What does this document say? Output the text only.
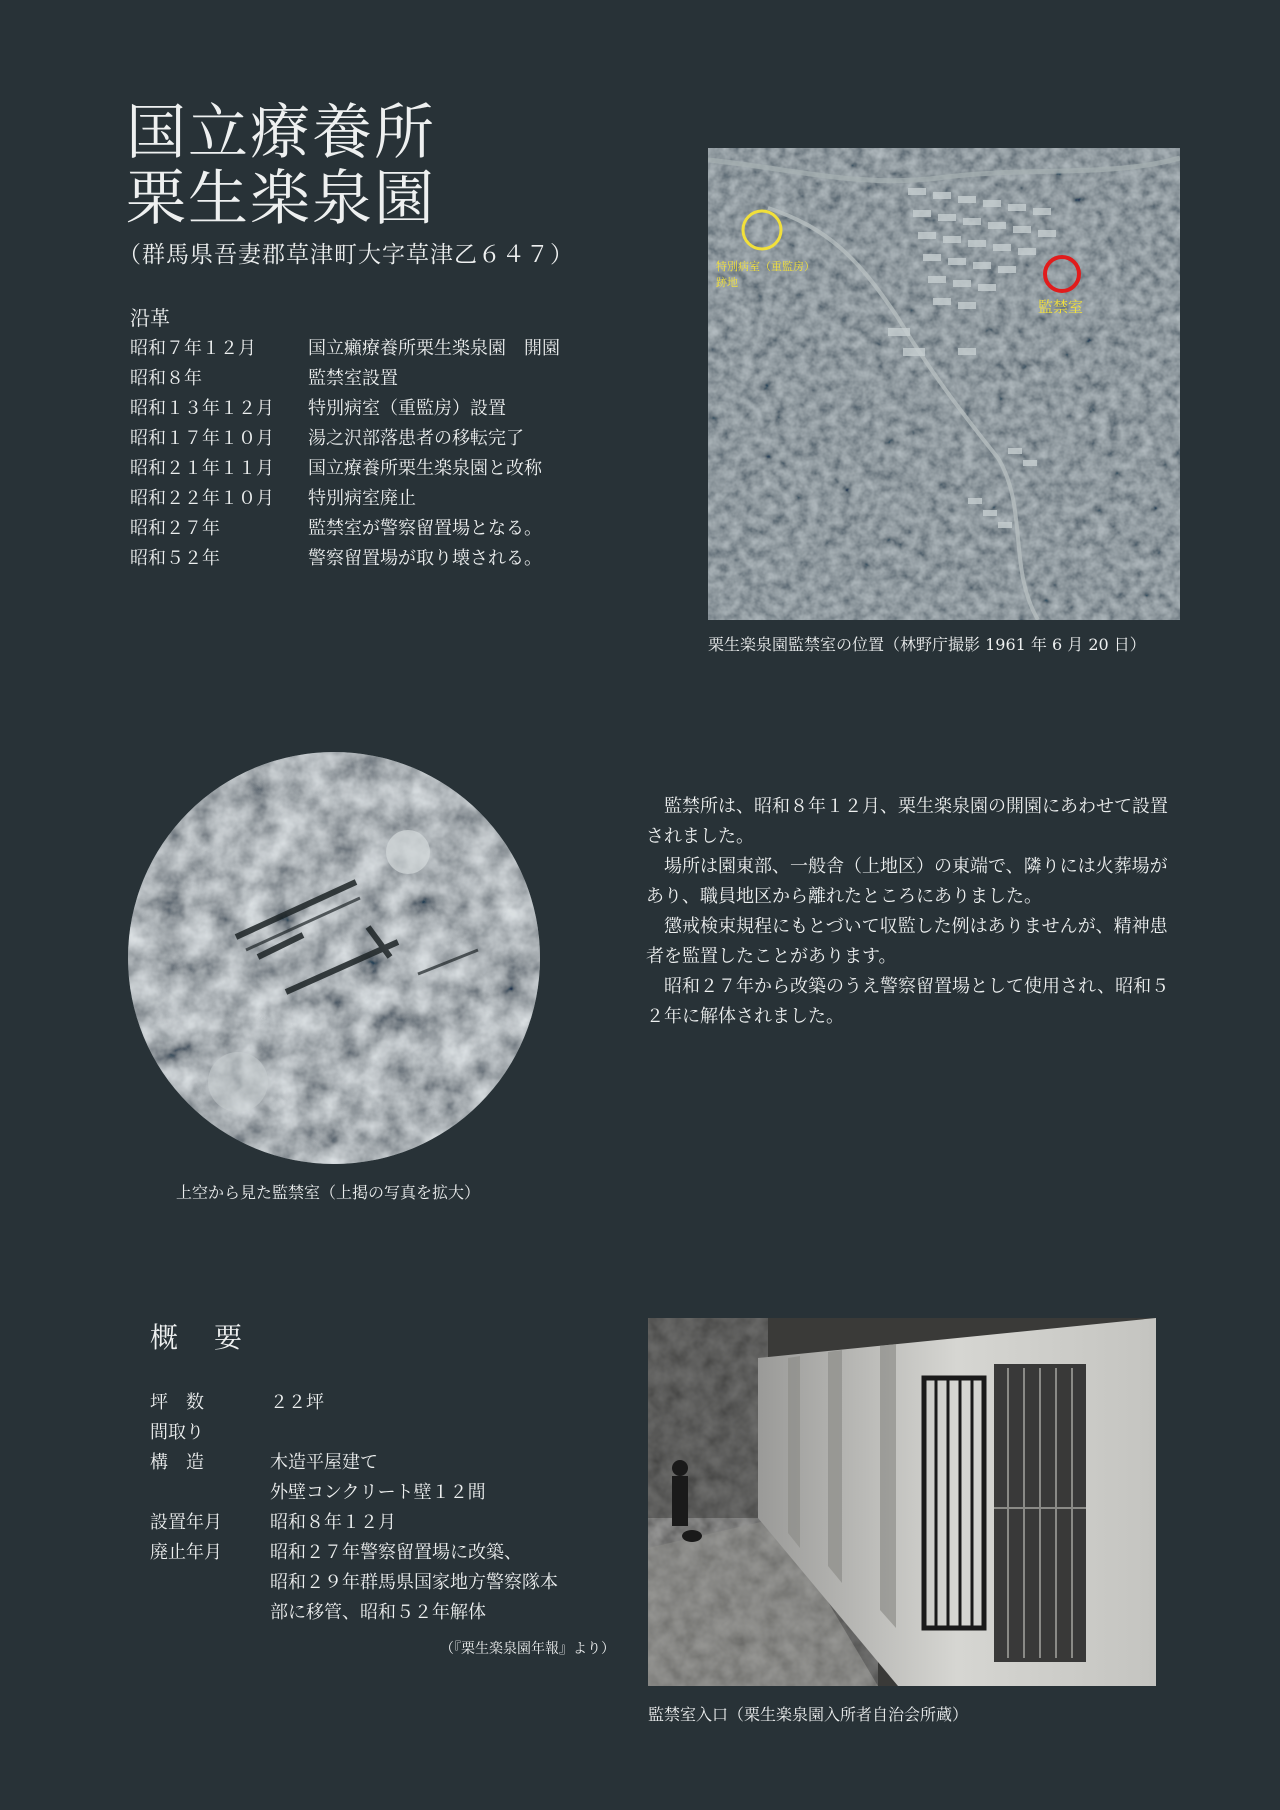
国立療養所
栗生楽泉園
（群馬県吾妻郡草津町大字草津乙６４７）
沿革
昭和７年１２月	国立癩療養所栗生楽泉園　開園
昭和８年	監禁室設置
昭和１３年１２月 特別病室（重監房）設置
昭和１７年１０月 湯之沢部落患者の移転完了
昭和２１年１１月 国立療養所栗生楽泉園と改称
昭和２２年１０月 特別病室廃止
昭和２７年	監禁室が警察留置場となる。
昭和５２年	警察留置場が取り壊される。
特別病室（重監房）
跡地
監禁室
栗生楽泉園監禁室の位置（林野庁撮影 1961 年 6 月 20 日）
上空から見た監禁室（上掲の写真を拡大）

監禁所は、昭和８年１２月、栗生楽泉園の開園にあわせて設置されました。

場所は園東部、一般舎（上地区）の東端で、隣りには火葬場があり、職員地区から離れたところにありました。

懲戒検束規程にもとづいて収監した例はありませんが、精神患者を監置したことがあります。

昭和２７年から改築のうえ警察留置場として使用され、昭和５２年に解体されました。

概　要
坪　数	２２坪
間取り
構　造	木造平屋建て
外壁コンクリート壁１２間
設置年月	昭和８年１２月
廃止年月	昭和２７年警察留置場に改築、
昭和２９年群馬県国家地方警察隊本
部に移管、昭和５２年解体
（『栗生楽泉園年報』より）
監禁室入口（栗生楽泉園入所者自治会所蔵）
